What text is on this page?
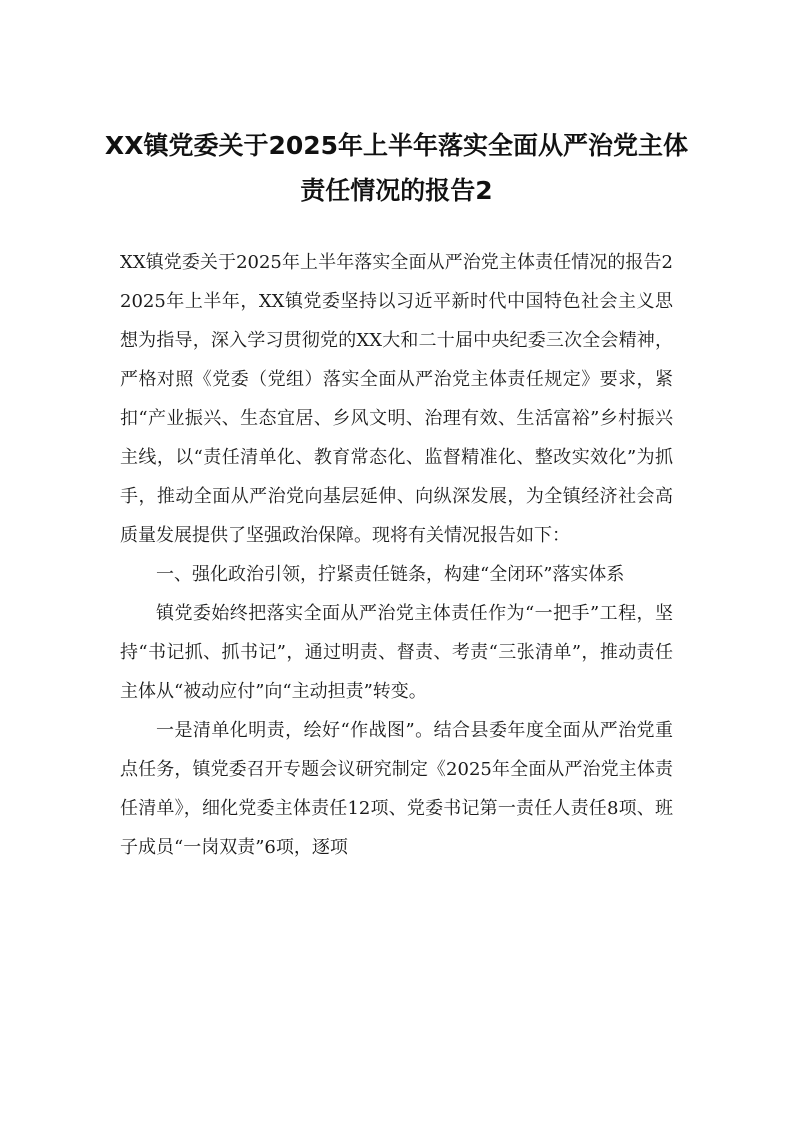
XX镇党委关于2025年上半年落实全面从严治党主体责任情况的报告2

XX镇党委关于2025年上半年落实全面从严治党主体责任情况的报告2　　2025年上半年，XX镇党委坚持以习近平新时代中国特色社会主义思想为指导，深入学习贯彻党的XX大和二十届中央纪委三次全会精神，严格对照《党委（党组）落实全面从严治党主体责任规定》要求，紧扣“产业振兴、生态宜居、乡风文明、治理有效、生活富裕”乡村振兴主线，以“责任清单化、教育常态化、监督精准化、整改实效化”为抓手，推动全面从严治党向基层延伸、向纵深发展，为全镇经济社会高质量发展提供了坚强政治保障。现将有关情况报告如下：

一、强化政治引领，拧紧责任链条，构建“全闭环”落实体系

镇党委始终把落实全面从严治党主体责任作为“一把手”工程，坚持“书记抓、抓书记”，通过明责、督责、考责“三张清单”，推动责任主体从“被动应付”向“主动担责”转变。

一是清单化明责，绘好“作战图”。结合县委年度全面从严治党重点任务，镇党委召开专题会议研究制定《2025年全面从严治党主体责任清单》，细化党委主体责任12项、党委书记第一责任人责任8项、班子成员“一岗双责”6项，逐项
